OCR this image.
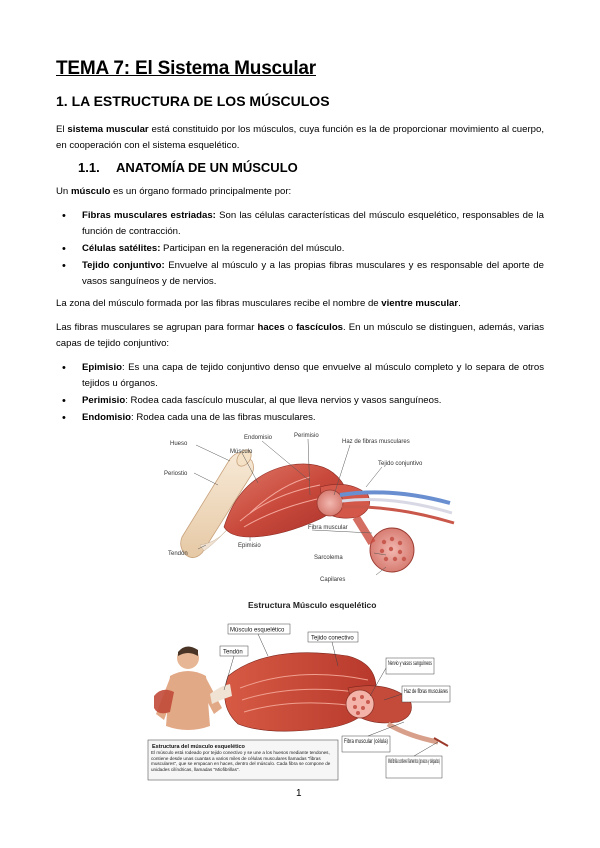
TEMA 7: El Sistema Muscular
1. LA ESTRUCTURA DE LOS MÚSCULOS
El sistema muscular está constituido por los músculos, cuya función es la de proporcionar movimiento al cuerpo, en cooperación con el sistema esquelético.
1.1. ANATOMÍA DE UN MÚSCULO
Un músculo es un órgano formado principalmente por:
• Fibras musculares estriadas: Son las células características del músculo esquelético, responsables de la función de contracción.
• Células satélites: Participan en la regeneración del músculo.
• Tejido conjuntivo: Envuelve al músculo y a las propias fibras musculares y es responsable del aporte de vasos sanguíneos y de nervios.
La zona del músculo formada por las fibras musculares recibe el nombre de vientre muscular.
Las fibras musculares se agrupan para formar haces o fascículos. En un músculo se distinguen, además, varias capas de tejido conjuntivo:
• Epimisio: Es una capa de tejido conjuntivo denso que envuelve al músculo completo y lo separa de otros tejidos u órganos.
• Perimisio: Rodea cada fascículo muscular, al que lleva nervios y vasos sanguíneos.
• Endomisio: Rodea cada una de las fibras musculares.
Hueso
Periostio
Tendón
Músculo
Endomisio	Perimisio
Haz de fibras musculares
Tejido conjuntivo
Fibra muscular
Epimisio
Sarcolema
Capilares
Estructura Músculo esquelético
Músculo esquelético
Tendón
Tejido conectivo
Nervio y vasos sanguíneos
Haz de fibras musculares
Fibra muscular (célula)
Miofibrilla contiene filamentos (gruesos y delgados)
Estructura del músculo esquelético
El músculo está rodeado por tejido conectivo y se une a los huesos mediante tendones, contiene desde unas cuantas a varios miles de células musculares llamadas "fibras musculares", que se empacan en haces, dentro del músculo. Cada fibra se compone de unidades cilíndricas, llamadas "Miofibrillas".
1
